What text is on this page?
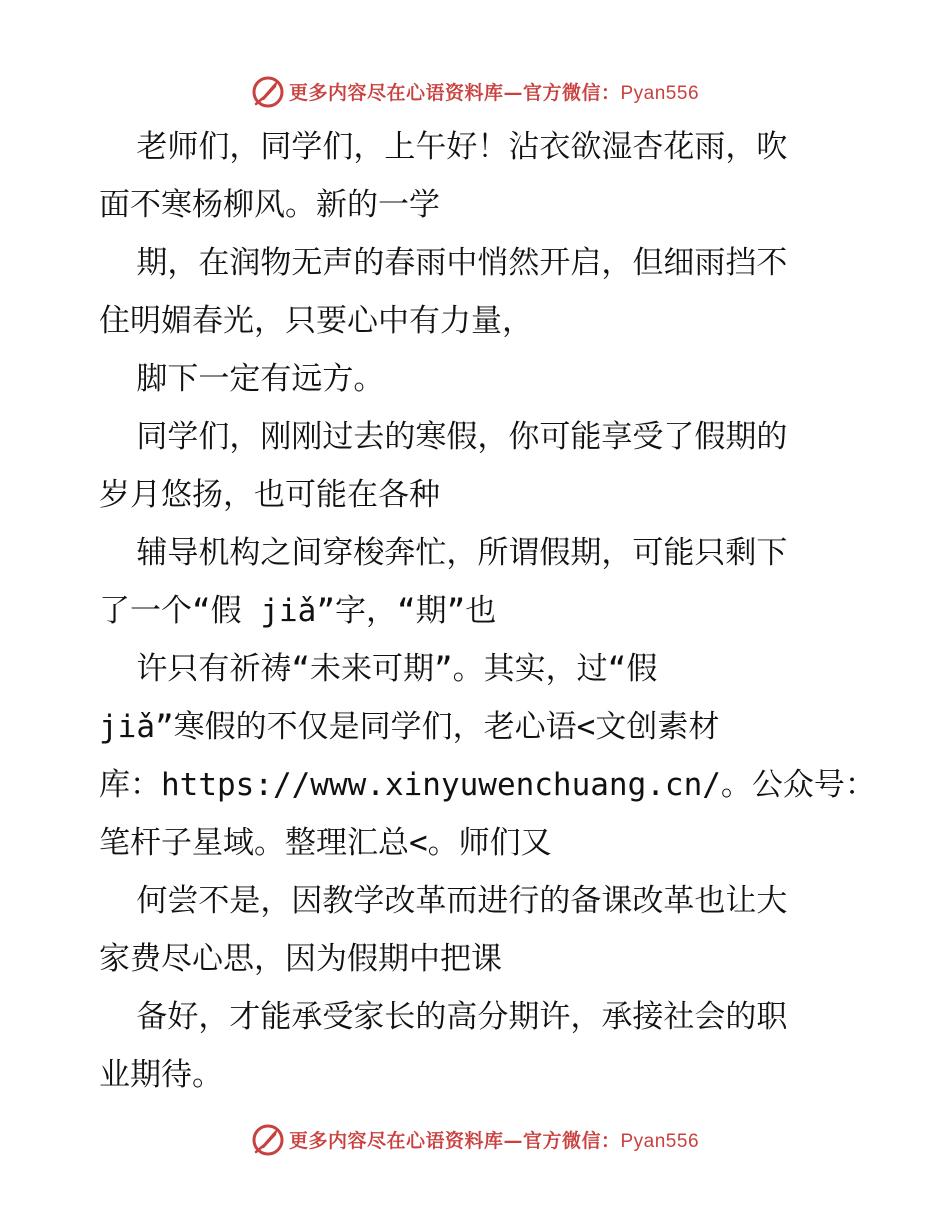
更多内容尽在心语资料库—官方微信：Pyan556
老师们，同学们，上午好！沾衣欲湿杏花雨，吹
面不寒杨柳风。新的一学
期，在润物无声的春雨中悄然开启，但细雨挡不
住明媚春光，只要心中有力量，
脚下一定有远方。
同学们，刚刚过去的寒假，你可能享受了假期的
岁月悠扬，也可能在各种
辅导机构之间穿梭奔忙，所谓假期，可能只剩下
了一个“假 jiǎ”字，“期”也
许只有祈祷“未来可期”。其实，过“假
jiǎ”寒假的不仅是同学们，老心语<文创素材
库：https://www.xinyuwenchuang.cn/。公众号：
笔杆子星域。整理汇总<。师们又
何尝不是，因教学改革而进行的备课改革也让大
家费尽心思，因为假期中把课
备好，才能承受家长的高分期许，承接社会的职
业期待。
更多内容尽在心语资料库—官方微信：Pyan556
